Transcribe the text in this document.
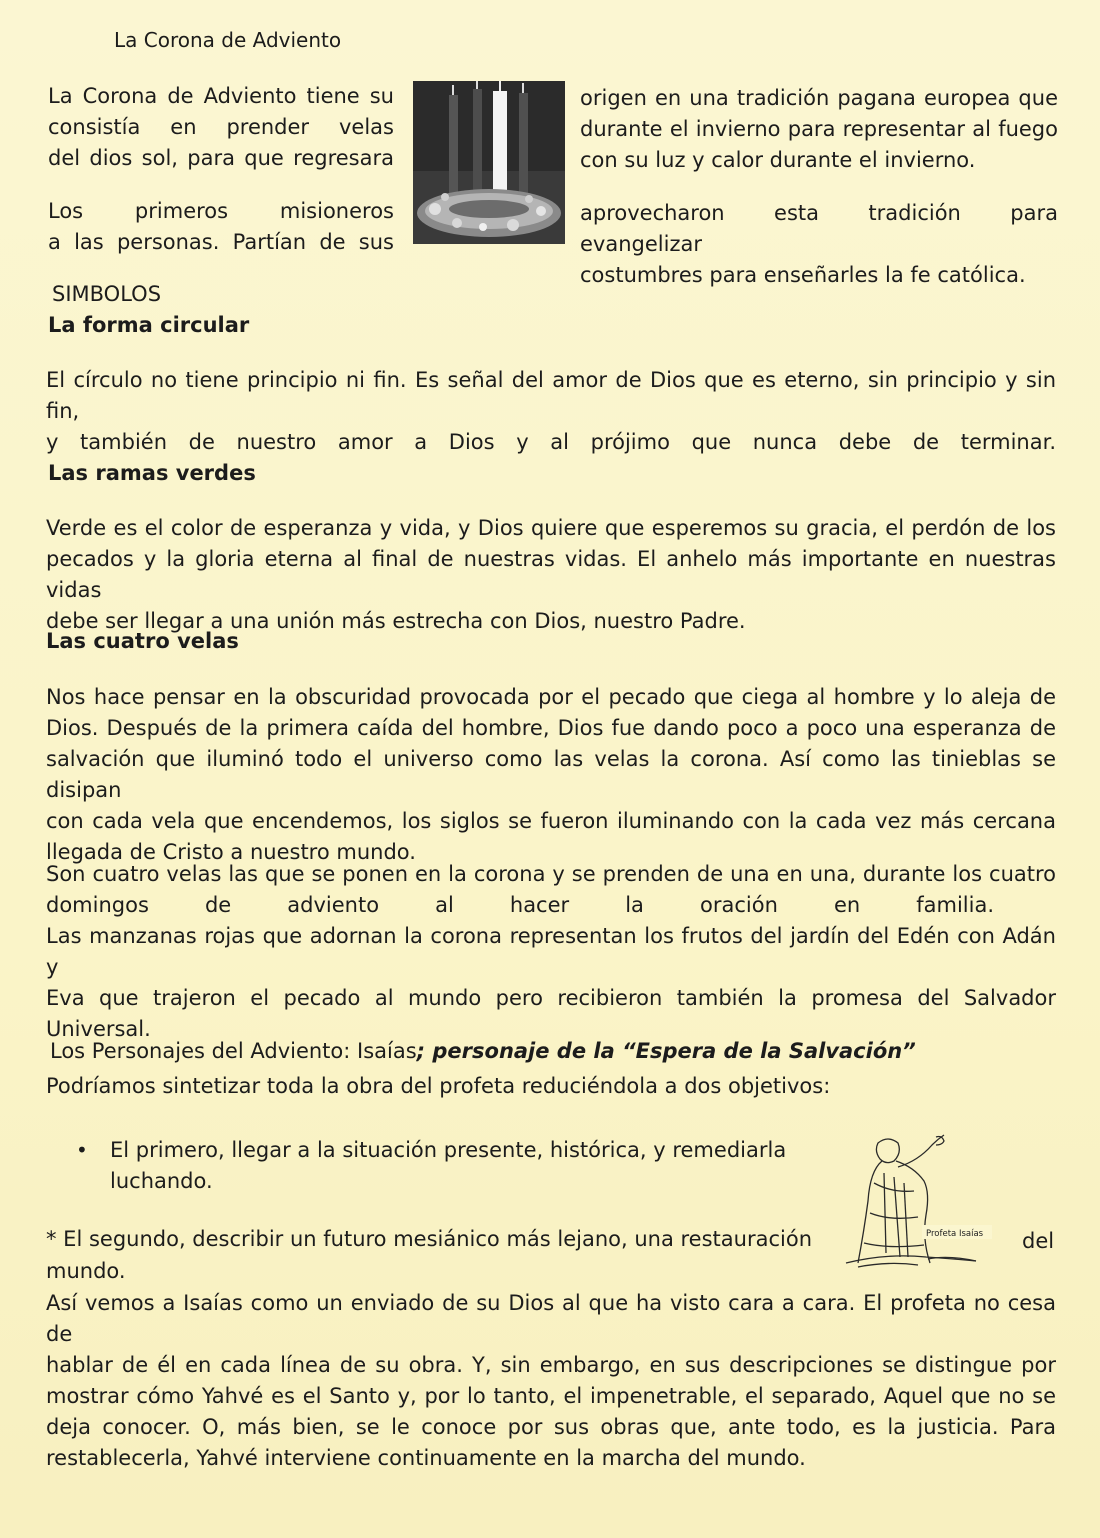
La Corona de Adviento
La Corona de Adviento tiene su
consistía en prender velas
del dios sol, para que regresara
Los primeros misioneros
a las personas. Partían de sus
origen en una tradición pagana europea que
durante el invierno para representar al fuego
con su luz y calor durante el invierno.
aprovecharon esta tradición para evangelizar
costumbres para enseñarles la fe católica.
SIMBOLOS
La forma circular
El círculo no tiene principio ni fin. Es señal del amor de Dios que es eterno, sin principio y sin fin,
y también de nuestro amor a Dios y al prójimo que nunca debe de terminar.
Las ramas verdes
Verde es el color de esperanza y vida, y Dios quiere que esperemos su gracia, el perdón de los
pecados y la gloria eterna al final de nuestras vidas. El anhelo más importante en nuestras vidas
debe ser llegar a una unión más estrecha con Dios, nuestro Padre.
Las cuatro velas
Nos hace pensar en la obscuridad provocada por el pecado que ciega al hombre y lo aleja de
Dios. Después de la primera caída del hombre, Dios fue dando poco a poco una esperanza de
salvación que iluminó todo el universo como las velas la corona. Así como las tinieblas se disipan
con cada vela que encendemos, los siglos se fueron iluminando con la cada vez más cercana
llegada de Cristo a nuestro mundo.
Son cuatro velas las que se ponen en la corona y se prenden de una en una, durante los cuatro
domingos de adviento al hacer la oración en familia.
Las manzanas rojas que adornan la corona representan los frutos del jardín del Edén con Adán y
Eva que trajeron el pecado al mundo pero recibieron también la promesa del Salvador
Universal.
Los Personajes del Adviento: Isaías; personaje de la “Espera de la Salvación”
Podríamos sintetizar toda la obra del profeta reduciéndola a dos objetivos:
• El primero, llegar a la situación presente, histórica, y remediarla
luchando.
* El segundo, describir un futuro mesiánico más lejano, una restauración	del
mundo.
Profeta Isaías
Así vemos a Isaías como un enviado de su Dios al que ha visto cara a cara. El profeta no cesa de
hablar de él en cada línea de su obra. Y, sin embargo, en sus descripciones se distingue por
mostrar cómo Yahvé es el Santo y, por lo tanto, el impenetrable, el separado, Aquel que no se
deja conocer. O, más bien, se le conoce por sus obras que, ante todo, es la justicia. Para
restablecerla, Yahvé interviene continuamente en la marcha del mundo.
